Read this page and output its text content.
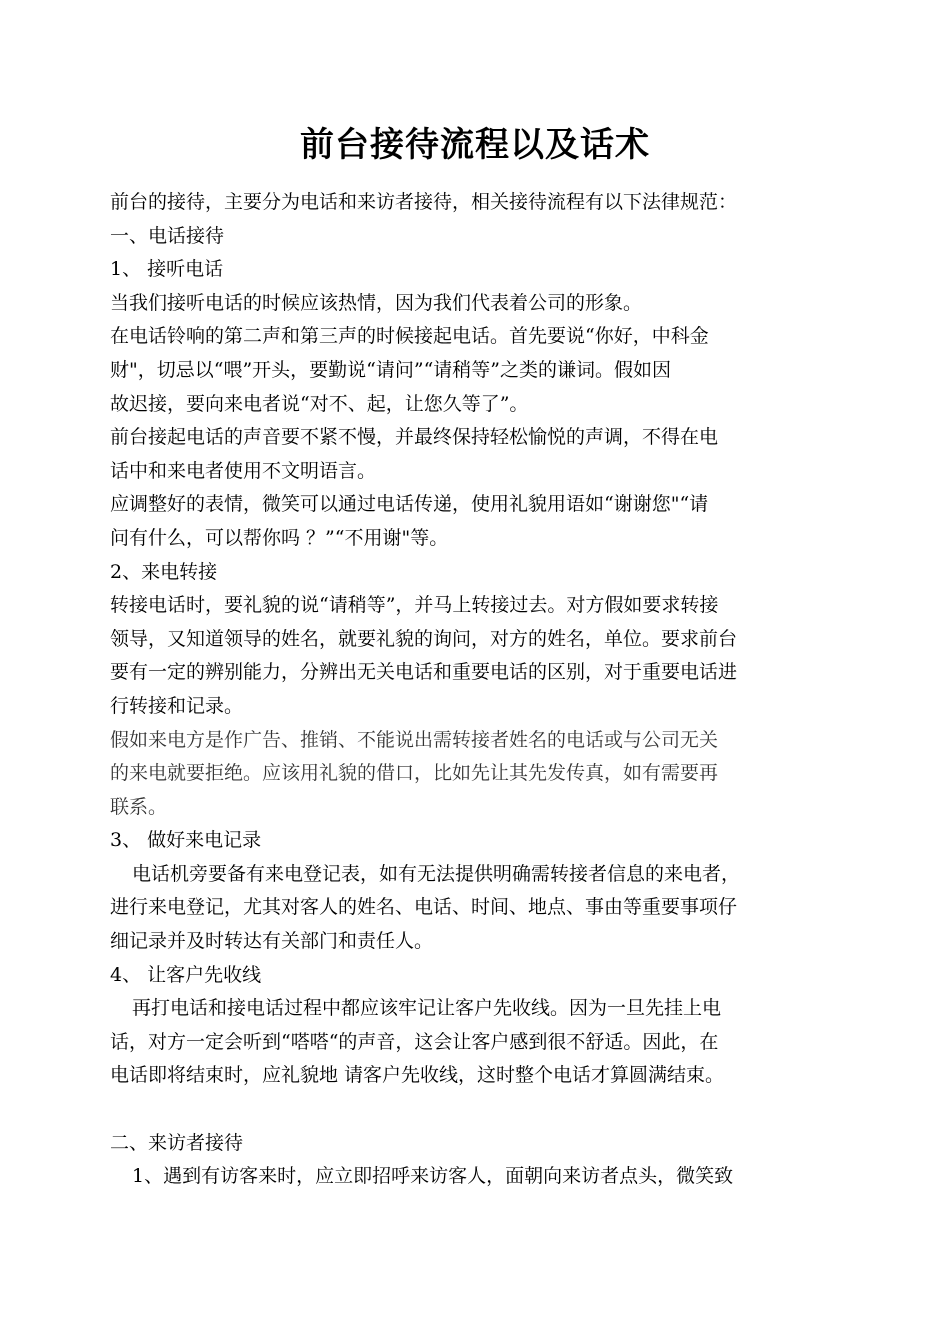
前台接待流程以及话术

前台的接待，主要分为电话和来访者接待，相关接待流程有以下法律规范：

一、电话接待

1、 接听电话

当我们接听电话的时候应该热情，因为我们代表着公司的形象。

在电话铃响的第二声和第三声的时候接起电话。首先要说“你好，中科金

财"，切忌以“喂”开头，要勤说“请问”“请稍等”之类的谦词。假如因

故迟接，要向来电者说“对不、起，让您久等了”。

前台接起电话的声音要不紧不慢，并最终保持轻松愉悦的声调，不得在电

话中和来电者使用不文明语言。

应调整好的表情，微笑可以通过电话传递，使用礼貌用语如“谢谢您"“请

问有什么，可以帮你吗 ？”“不用谢"等。

2、来电转接

转接电话时，要礼貌的说“请稍等”，并马上转接过去。对方假如要求转接

领导，又知道领导的姓名，就要礼貌的询问，对方的姓名，单位。要求前台

要有一定的辨别能力，分辨出无关电话和重要电话的区别，对于重要电话进

行转接和记录。

假如来电方是作广告、推销、不能说出需转接者姓名的电话或与公司无关

的来电就要拒绝。应该用礼貌的借口，比如先让其先发传真，如有需要再

联系。

3、 做好来电记录

电话机旁要备有来电登记表，如有无法提供明确需转接者信息的来电者，

进行来电登记，尤其对客人的姓名、电话、时间、地点、事由等重要事项仔

细记录并及时转达有关部门和责任人。

4、 让客户先收线

再打电话和接电话过程中都应该牢记让客户先收线。因为一旦先挂上电

话，对方一定会听到“嗒嗒“的声音，这会让客户感到很不舒适。因此，在

电话即将结束时，应礼貌地 请客户先收线，这时整个电话才算圆满结束。

二、来访者接待

1、遇到有访客来时，应立即招呼来访客人，面朝向来访者点头，微笑致
